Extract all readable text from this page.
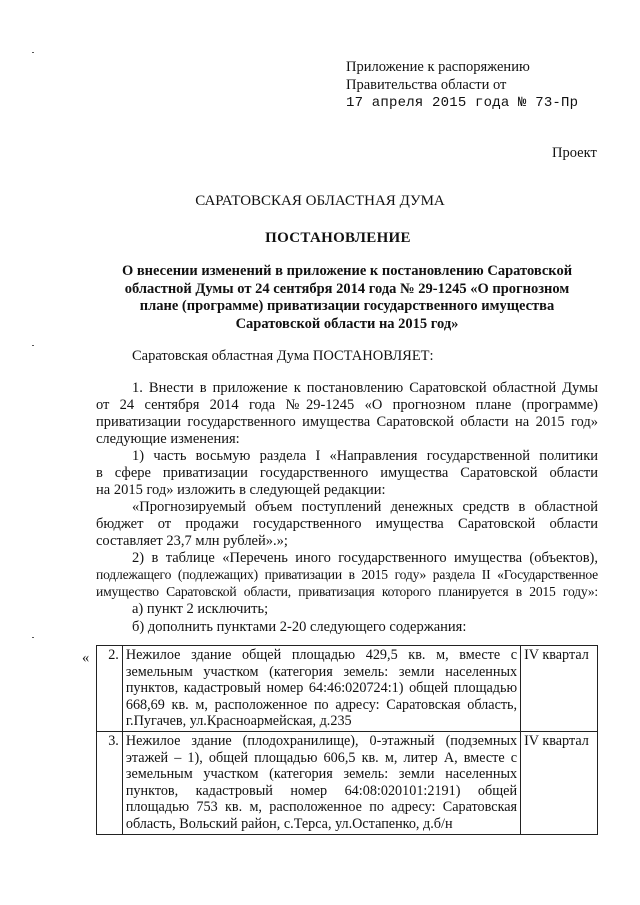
Приложение к распоряжению
Правительства области от
17 апреля 2015 года № 73-Пр
Проект
САРАТОВСКАЯ ОБЛАСТНАЯ ДУМА
ПОСТАНОВЛЕНИЕ
О внесении изменений в приложение к постановлению Саратовской
областной Думы от 24 сентября 2014 года № 29-1245 «О прогнозном
плане (программе) приватизации государственного имущества
Саратовской области на 2015 год»
Саратовская областная Дума ПОСТАНОВЛЯЕТ:
1. Внести в приложение к постановлению Саратовской областной Думы
от 24 сентября 2014 года №29-1245 «О прогнозном плане (программе)
приватизации государственного имущества Саратовской области на 2015 год»
следующие изменения:
1) часть восьмую раздела I «Направления государственной политики
в сфере приватизации государственного имущества Саратовской области
на 2015 год» изложить в следующей редакции:
«Прогнозируемый объем поступлений денежных средств в областной
бюджет от продажи государственного имущества Саратовской области
составляет 23,7 млн рублей».»;
2) в таблице «Перечень иного государственного имущества (объектов),
подлежащего (подлежащих) приватизации в 2015 году» раздела II «Государственное
имущество Саратовской области, приватизация которого планируется в 2015 году»:
а) пункт 2 исключить;
б) дополнить пунктами 2-20 следующего содержания:
« 2.	Нежилое здание общей площадью 429,5 кв. м, вместе с земельным участком (категория земель: земли населенных пунктов, кадастровый номер 64:46:020724:1) общей площадью 668,69 кв. м, расположенное по адресу: Саратовская область, г.Пугачев, ул.Красноармейская, д.235	IV квартал
3.	Нежилое здание (плодохранилище), 0-этажный (подземных этажей – 1), общей площадью 606,5 кв. м, литер А, вместе с земельным участком (категория земель: земли населенных пунктов, кадастровый номер 64:08:020101:2191) общей площадью 753 кв. м, расположенное по адресу: Саратовская область, Вольский район, с.Терса, ул.Остапенко, д.б/н	IV квартал
